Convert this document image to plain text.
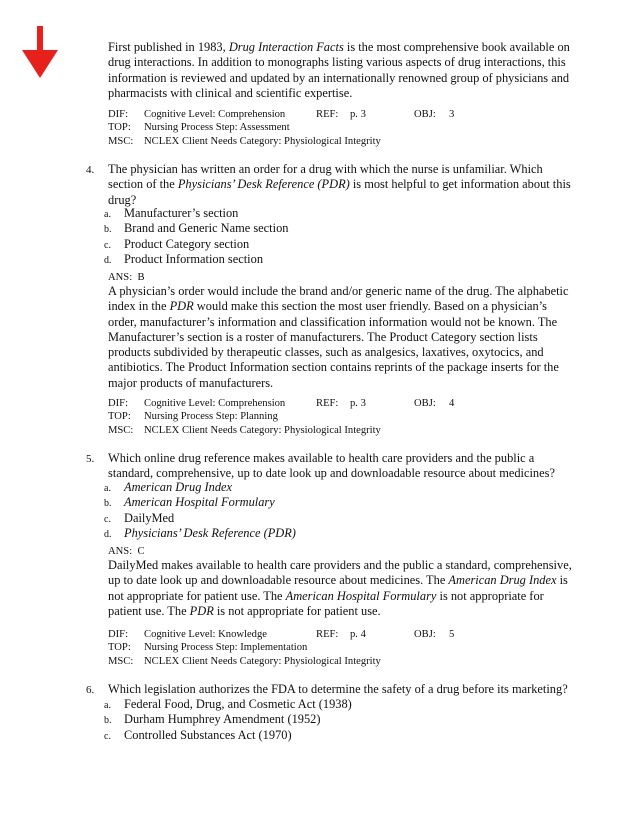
First published in 1983, Drug Interaction Facts is the most comprehensive book available on drug interactions. In addition to monographs listing various aspects of drug interactions, this information is reviewed and updated by an internationally renowned group of physicians and pharmacists with clinical and scientific expertise.

DIF: Cognitive Level: Comprehension	REF: p. 3	OBJ: 3
TOP: Nursing Process Step: Assessment
MSC: NCLEX Client Needs Category: Physiological Integrity
4. The physician has written an order for a drug with which the nurse is unfamiliar. Which section of the Physicians’ Desk Reference (PDR) is most helpful to get information about this drug?

a. Manufacturer’s section
b. Brand and Generic Name section
c. Product Category section
d. Product Information section
ANS: B

A physician’s order would include the brand and/or generic name of the drug. The alphabetic index in the PDR would make this section the most user friendly. Based on a physician’s order, manufacturer’s information and classification information would not be known. The Manufacturer’s section is a roster of manufacturers. The Product Category section lists products subdivided by therapeutic classes, such as analgesics, laxatives, oxytocics, and antibiotics. The Product Information section contains reprints of the package inserts for the major products of manufacturers.

DIF: Cognitive Level: Comprehension	REF: p. 3	OBJ: 4
TOP: Nursing Process Step: Planning
MSC: NCLEX Client Needs Category: Physiological Integrity
5. Which online drug reference makes available to health care providers and the public a standard, comprehensive, up to date look up and downloadable resource about medicines?

a. American Drug Index
b. American Hospital Formulary
c. DailyMed
d. Physicians’ Desk Reference (PDR)
ANS: C

DailyMed makes available to health care providers and the public a standard, comprehensive, up to date look up and downloadable resource about medicines. The American Drug Index is not appropriate for patient use. The American Hospital Formulary is not appropriate for patient use. The PDR is not appropriate for patient use.

DIF: Cognitive Level: Knowledge	REF: p. 4	OBJ: 5
TOP: Nursing Process Step: Implementation
MSC: NCLEX Client Needs Category: Physiological Integrity
6. Which legislation authorizes the FDA to determine the safety of a drug before its marketing?

a. Federal Food, Drug, and Cosmetic Act (1938)
b. Durham Humphrey Amendment (1952)
c. Controlled Substances Act (1970)
